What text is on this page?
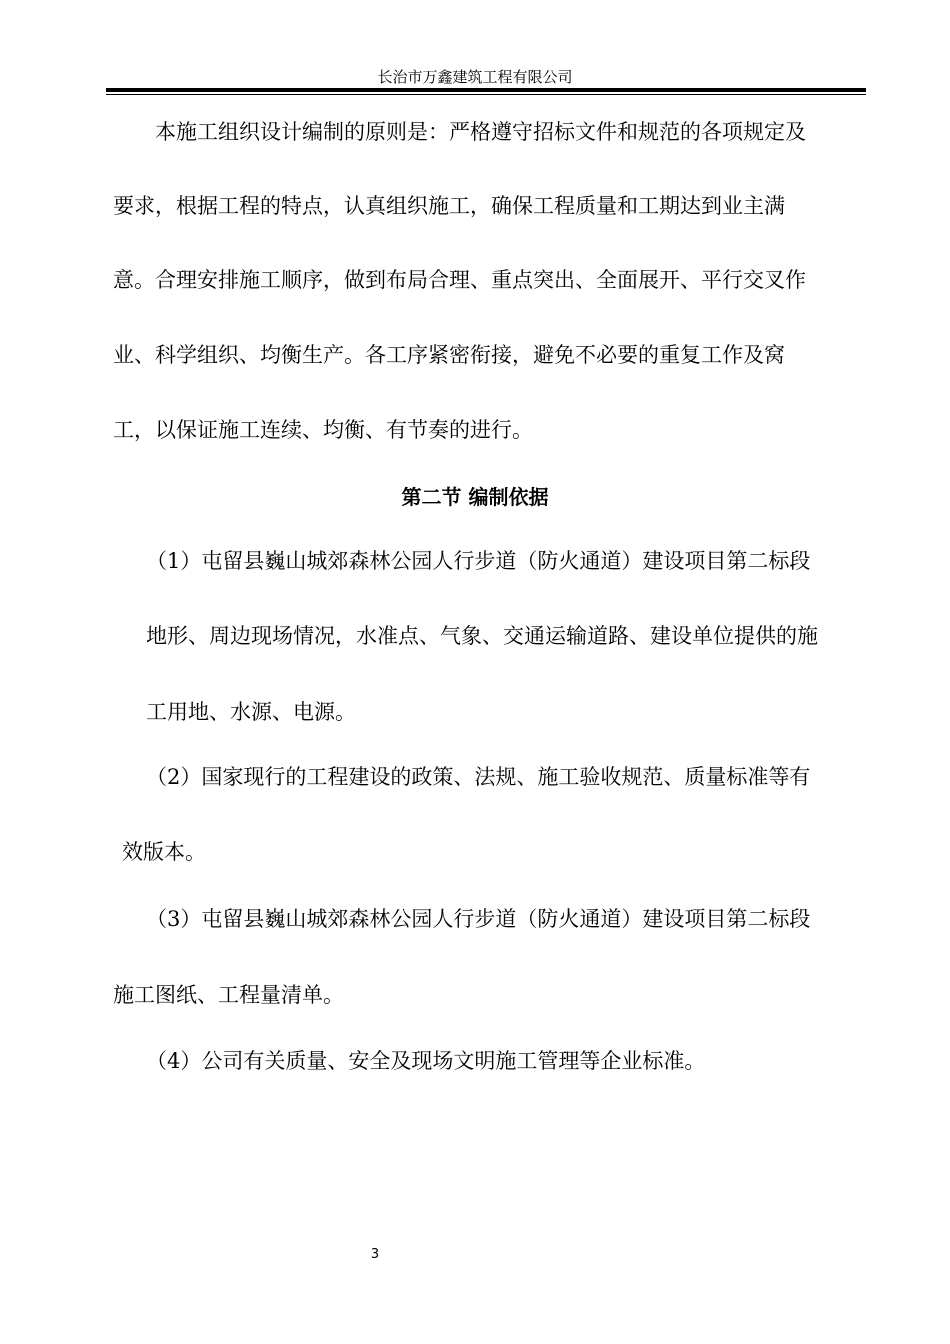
长治市万鑫建筑工程有限公司
本施工组织设计编制的原则是：严格遵守招标文件和规范的各项规定及
要求，根据工程的特点，认真组织施工，确保工程质量和工期达到业主满
意。合理安排施工顺序，做到布局合理、重点突出、全面展开、平行交叉作
业、科学组织、均衡生产。各工序紧密衔接，避免不必要的重复工作及窝
工，以保证施工连续、均衡、有节奏的进行。
第二节 编制依据
（1）屯留县巍山城郊森林公园人行步道（防火通道）建设项目第二标段
地形、周边现场情况，水准点、气象、交通运输道路、建设单位提供的施
工用地、水源、电源。
（2）国家现行的工程建设的政策、法规、施工验收规范、质量标准等有
效版本。
（3）屯留县巍山城郊森林公园人行步道（防火通道）建设项目第二标段
施工图纸、工程量清单。
（4）公司有关质量、安全及现场文明施工管理等企业标准。
3
